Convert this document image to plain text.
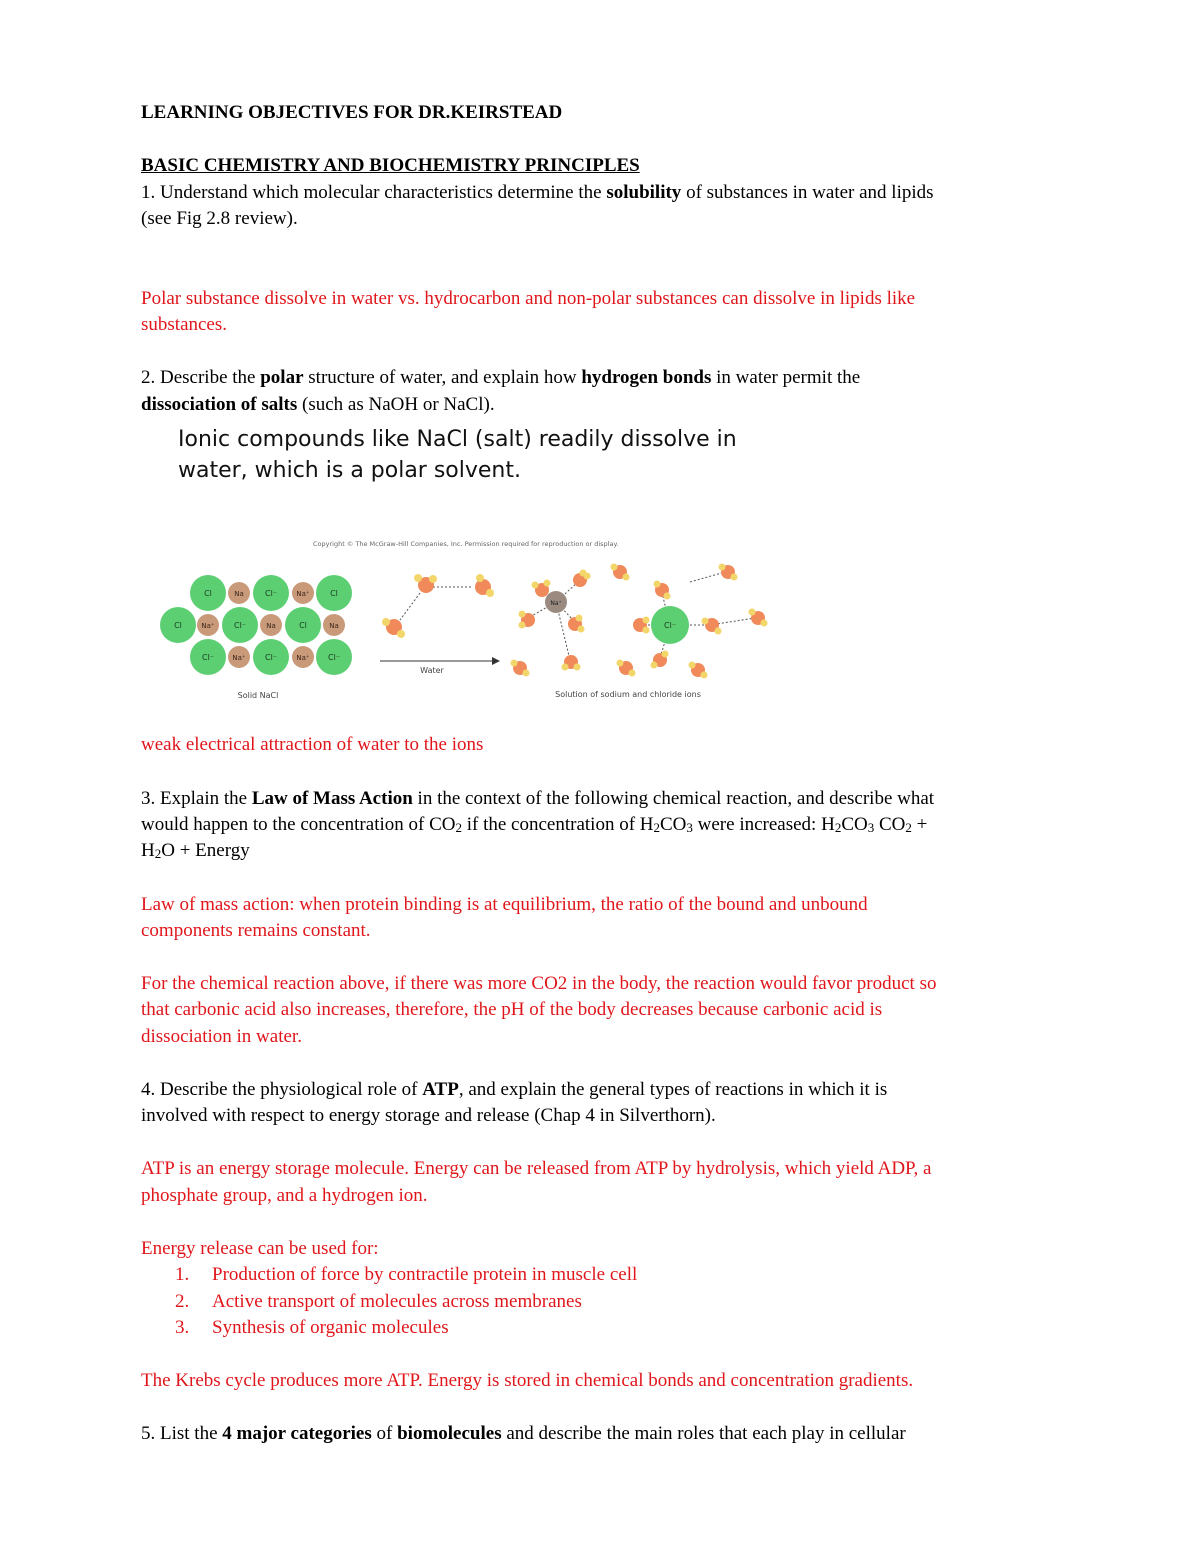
LEARNING OBJECTIVES FOR DR.KEIRSTEAD
BASIC CHEMISTRY AND BIOCHEMISTRY PRINCIPLES
1. Understand which molecular characteristics determine the solubility of substances in water and lipids
(see Fig 2.8 review).
Polar substance dissolve in water vs. hydrocarbon and non-polar substances can dissolve in lipids like
substances.
2. Describe the polar structure of water, and explain how hydrogen bonds in water permit the
dissociation of salts (such as NaOH or NaCl).
Ionic compounds like NaCl (salt) readily dissolve in
water, which is a polar solvent.
Copyright © The McGraw-Hill Companies, Inc. Permission required for reproduction or display.
Cl	Na	Cl⁻	Na⁺	Cl
Cl	Na⁺ Cl⁻	Na	Cl	Na
Cl⁻	Na⁺ Cl⁻	Na⁺ Cl⁻
Solid NaCl
Water
Na⁺
Cl⁻
Solution of sodium and chloride ions
weak electrical attraction of water to the ions
3. Explain the Law of Mass Action in the context of the following chemical reaction, and describe what
would happen to the concentration of $CO_2$ if the concentration of $H_2CO_3$ were increased: $H_2CO_3$ $CO_2$ +
$H_2O$ + Energy
Law of mass action: when protein binding is at equilibrium, the ratio of the bound and unbound
components remains constant.
For the chemical reaction above, if there was more CO2 in the body, the reaction would favor product so
that carbonic acid also increases, therefore, the pH of the body decreases because carbonic acid is
dissociation in water.
4. Describe the physiological role of ATP, and explain the general types of reactions in which it is
involved with respect to energy storage and release (Chap 4 in Silverthorn).
ATP is an energy storage molecule. Energy can be released from ATP by hydrolysis, which yield ADP, a
phosphate group, and a hydrogen ion.
Energy release can be used for:
1. Production of force by contractile protein in muscle cell
2. Active transport of molecules across membranes
3. Synthesis of organic molecules
The Krebs cycle produces more ATP. Energy is stored in chemical bonds and concentration gradients.
5. List the 4 major categories of biomolecules and describe the main roles that each play in cellular
